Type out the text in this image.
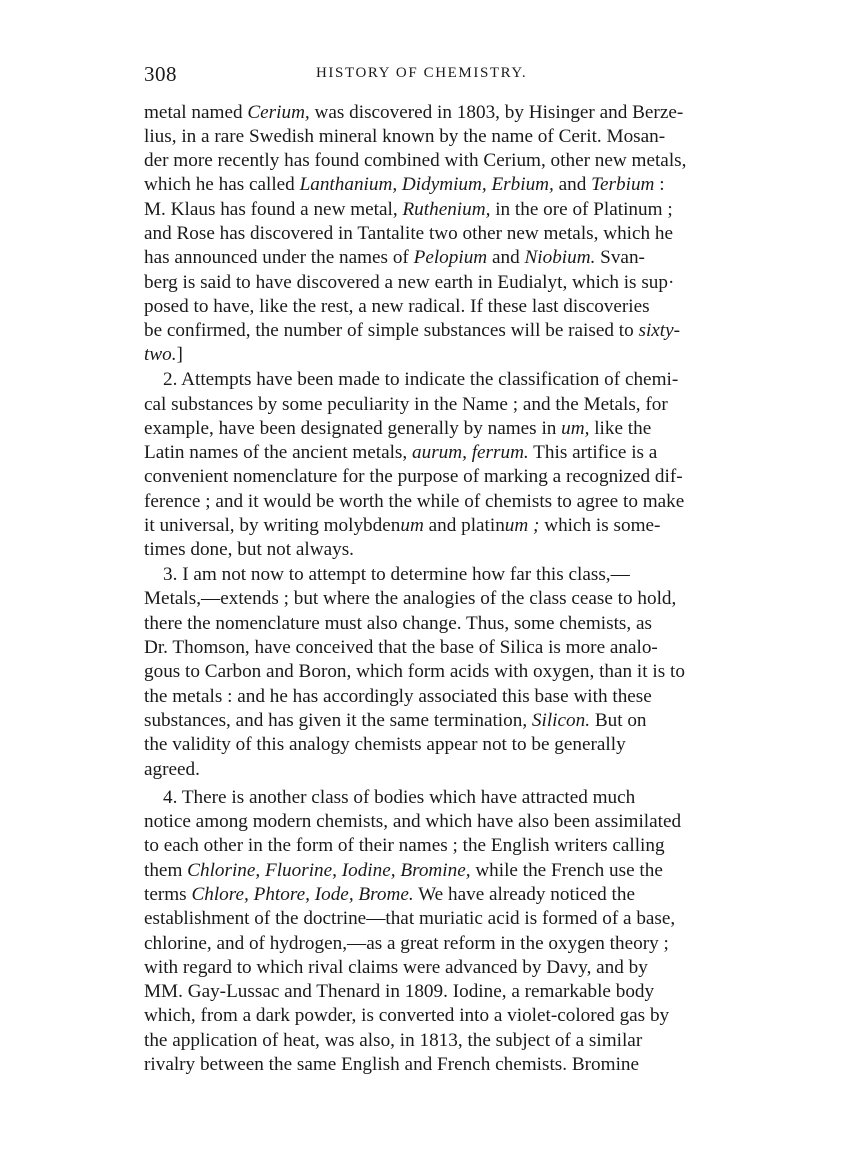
308	HISTORY OF CHEMISTRY.
metal named Cerium, was discovered in 1803, by Hisinger and Berze-
lius, in a rare Swedish mineral known by the name of Cerit. Mosan-
der more recently has found combined with Cerium, other new metals,
which he has called Lanthanium, Didymium, Erbium, and Terbium :
M. Klaus has found a new metal, Ruthenium, in the ore of Platinum ;
and Rose has discovered in Tantalite two other new metals, which he
has announced under the names of Pelopium and Niobium. Svan-
berg is said to have discovered a new earth in Eudialyt, which is sup·
posed to have, like the rest, a new radical. If these last discoveries
be confirmed, the number of simple substances will be raised to sixty-
two.]
2. Attempts have been made to indicate the classification of chemi-
cal substances by some peculiarity in the Name ; and the Metals, for
example, have been designated generally by names in um, like the
Latin names of the ancient metals, aurum, ferrum. This artifice is a
convenient nomenclature for the purpose of marking a recognized dif-
ference ; and it would be worth the while of chemists to agree to make
it universal, by writing molybdenum and platinum ; which is some-
times done, but not always.
3. I am not now to attempt to determine how far this class,—
Metals,—extends ; but where the analogies of the class cease to hold,
there the nomenclature must also change. Thus, some chemists, as
Dr. Thomson, have conceived that the base of Silica is more analo-
gous to Carbon and Boron, which form acids with oxygen, than it is to
the metals : and he has accordingly associated this base with these
substances, and has given it the same termination, Silicon. But on
the validity of this analogy chemists appear not to be generally
agreed.
4. There is another class of bodies which have attracted much
notice among modern chemists, and which have also been assimilated
to each other in the form of their names ; the English writers calling
them Chlorine, Fluorine, Iodine, Bromine, while the French use the
terms Chlore, Phtore, Iode, Brome. We have already noticed the
establishment of the doctrine—that muriatic acid is formed of a base,
chlorine, and of hydrogen,—as a great reform in the oxygen theory ;
with regard to which rival claims were advanced by Davy, and by
MM. Gay-Lussac and Thenard in 1809. Iodine, a remarkable body
which, from a dark powder, is converted into a violet-colored gas by
the application of heat, was also, in 1813, the subject of a similar
rivalry between the same English and French chemists. Bromine
